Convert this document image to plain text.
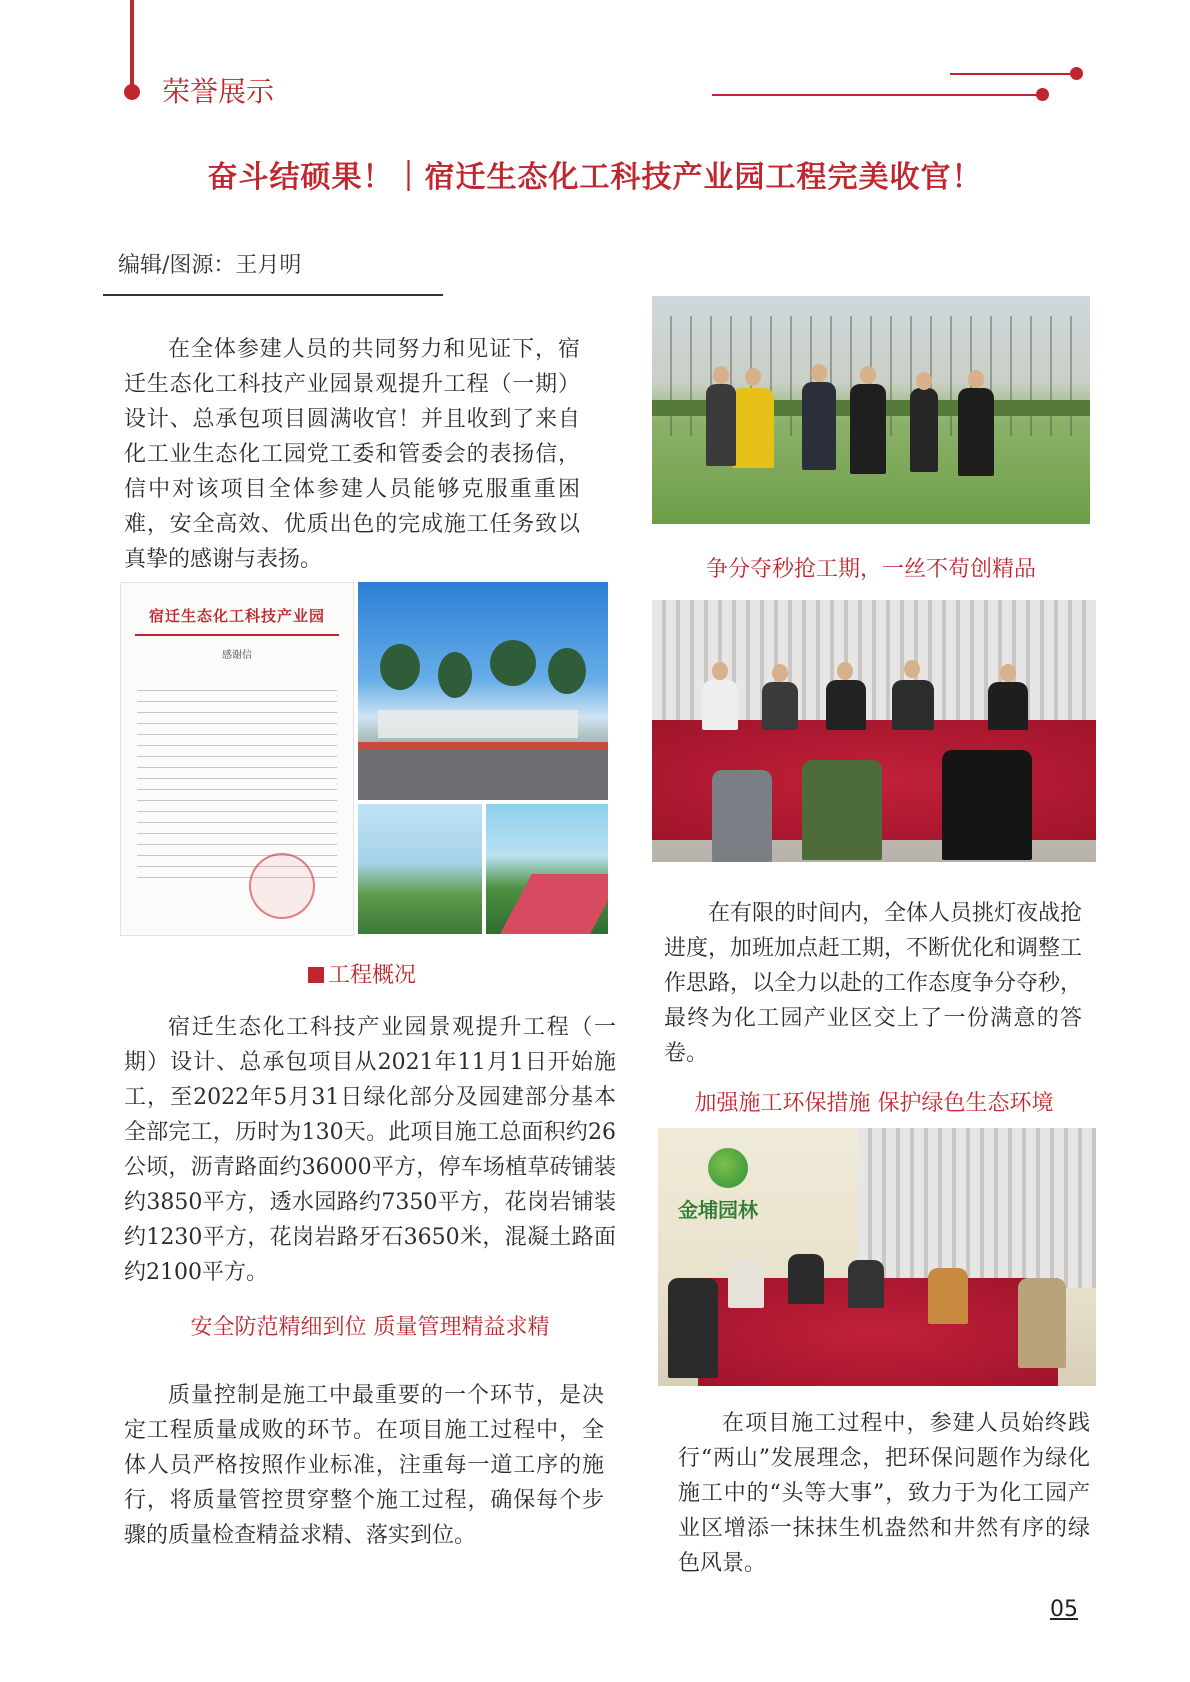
荣誉展示
奋斗结硕果！｜宿迁生态化工科技产业园工程完美收官！
编辑/图源：王月明

在全体参建人员的共同努力和见证下，宿迁生态化工科技产业园景观提升工程（一期）设计、总承包项目圆满收官！并且收到了来自化工业生态化工园党工委和管委会的表扬信，信中对该项目全体参建人员能够克服重重困难，安全高效、优质出色的完成施工任务致以真挚的感谢与表扬。

宿迁生态化工科技产业园
感谢信
工程概况

宿迁生态化工科技产业园景观提升工程（一期）设计、总承包项目从2021年11月1日开始施工，至2022年5月31日绿化部分及园建部分基本全部完工，历时为130天。此项目施工总面积约26公顷，沥青路面约36000平方，停车场植草砖铺装约3850平方，透水园路约7350平方，花岗岩铺装约1230平方，花岗岩路牙石3650米，混凝土路面约2100平方。

安全防范精细到位 质量管理精益求精

质量控制是施工中最重要的一个环节，是决定工程质量成败的环节。在项目施工过程中，全体人员严格按照作业标准，注重每一道工序的施行，将质量管控贯穿整个施工过程，确保每个步骤的质量检查精益求精、落实到位。

争分夺秒抢工期，一丝不苟创精品

在有限的时间内，全体人员挑灯夜战抢进度，加班加点赶工期，不断优化和调整工作思路，以全力以赴的工作态度争分夺秒，最终为化工园产业区交上了一份满意的答卷。

加强施工环保措施 保护绿色生态环境
金埔园林

在项目施工过程中，参建人员始终践行“两山”发展理念，把环保问题作为绿化施工中的“头等大事”，致力于为化工园产业区增添一抹抹生机盎然和井然有序的绿色风景。

05
